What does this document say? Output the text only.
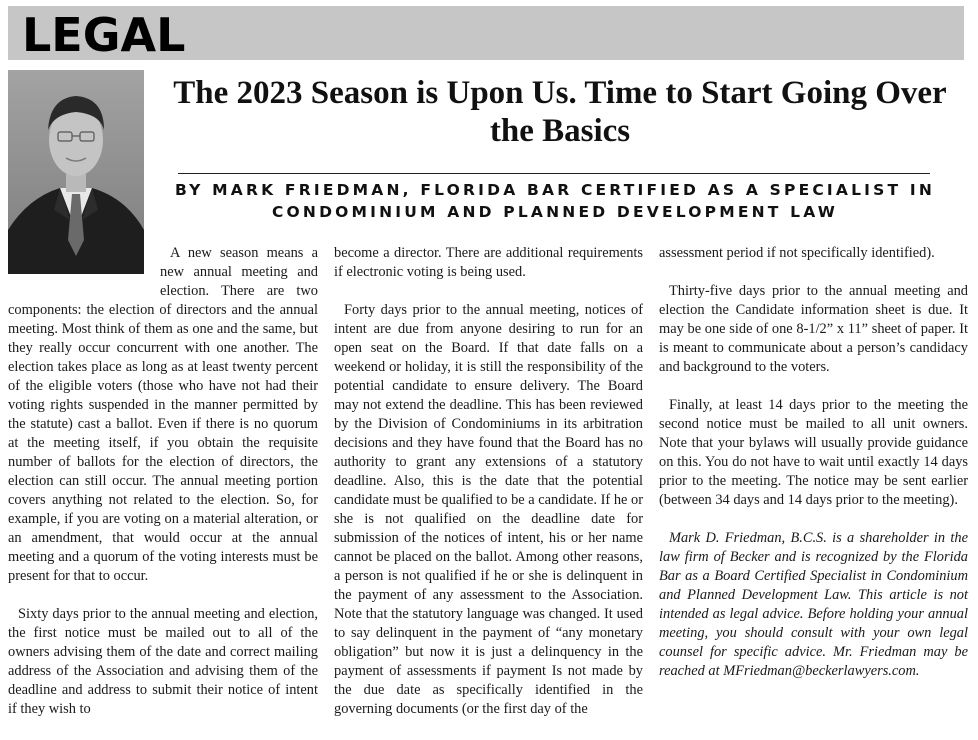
LEGAL
The 2023 Season is Upon Us. Time to Start Going Over the Basics
BY MARK FRIEDMAN, FLORIDA BAR CERTIFIED AS A SPECIALIST IN CONDOMINIUM AND PLANNED DEVELOPMENT LAW

A new season means a new annual meeting and election. There are two components: the election of directors and the annual meeting. Most think of them as one and the same, but they really occur concurrent with one another. The election takes place as long as at least twenty percent of the eligible voters (those who have not had their voting rights suspended in the manner permitted by the statute) cast a ballot. Even if there is no quorum at the meeting itself, if you obtain the requisite number of ballots for the election of directors, the election can still occur. The annual meeting portion covers anything not related to the election. So, for example, if you are voting on a material alteration, or an amendment, that would occur at the annual meeting and a quorum of the voting interests must be present for that to occur.

Sixty days prior to the annual meeting and election, the first notice must be mailed out to all of the owners advising them of the date and correct mailing address of the Association and advising them of the deadline and address to submit their notice of intent if they wish to

become a director. There are additional requirements if electronic voting is being used.

Forty days prior to the annual meeting, notices of intent are due from anyone desiring to run for an open seat on the Board. If that date falls on a weekend or holiday, it is still the responsibility of the potential candidate to ensure delivery. The Board may not extend the deadline. This has been reviewed by the Division of Condominiums in its arbitration decisions and they have found that the Board has no authority to grant any extensions of a statutory deadline. Also, this is the date that the potential candidate must be qualified to be a candidate. If he or she is not qualified on the deadline date for submission of the notices of intent, his or her name cannot be placed on the ballot. Among other reasons, a person is not qualified if he or she is delinquent in the payment of any assessment to the Association. Note that the statutory language was changed. It used to say delinquent in the payment of “any monetary obligation” but now it is just a delinquency in the payment of assessments if payment Is not made by the due date as specifically identified in the governing documents (or the first day of the

assessment period if not specifically identified).

Thirty-five days prior to the annual meeting and election the Candidate information sheet is due. It may be one side of one 8-1/2” x 11” sheet of paper. It is meant to communicate about a person’s candidacy and background to the voters.

Finally, at least 14 days prior to the meeting the second notice must be mailed to all unit owners. Note that your bylaws will usually provide guidance on this. You do not have to wait until exactly 14 days prior to the meeting. The notice may be sent earlier (between 34 days and 14 days prior to the meeting).

Mark D. Friedman, B.C.S. is a shareholder in the law firm of Becker and is recognized by the Florida Bar as a Board Certified Specialist in Condominium and Planned Development Law. This article is not intended as legal advice. Before holding your annual meeting, you should consult with your own legal counsel for specific advice. Mr. Friedman may be reached at MFriedman@beckerlawyers.com.
